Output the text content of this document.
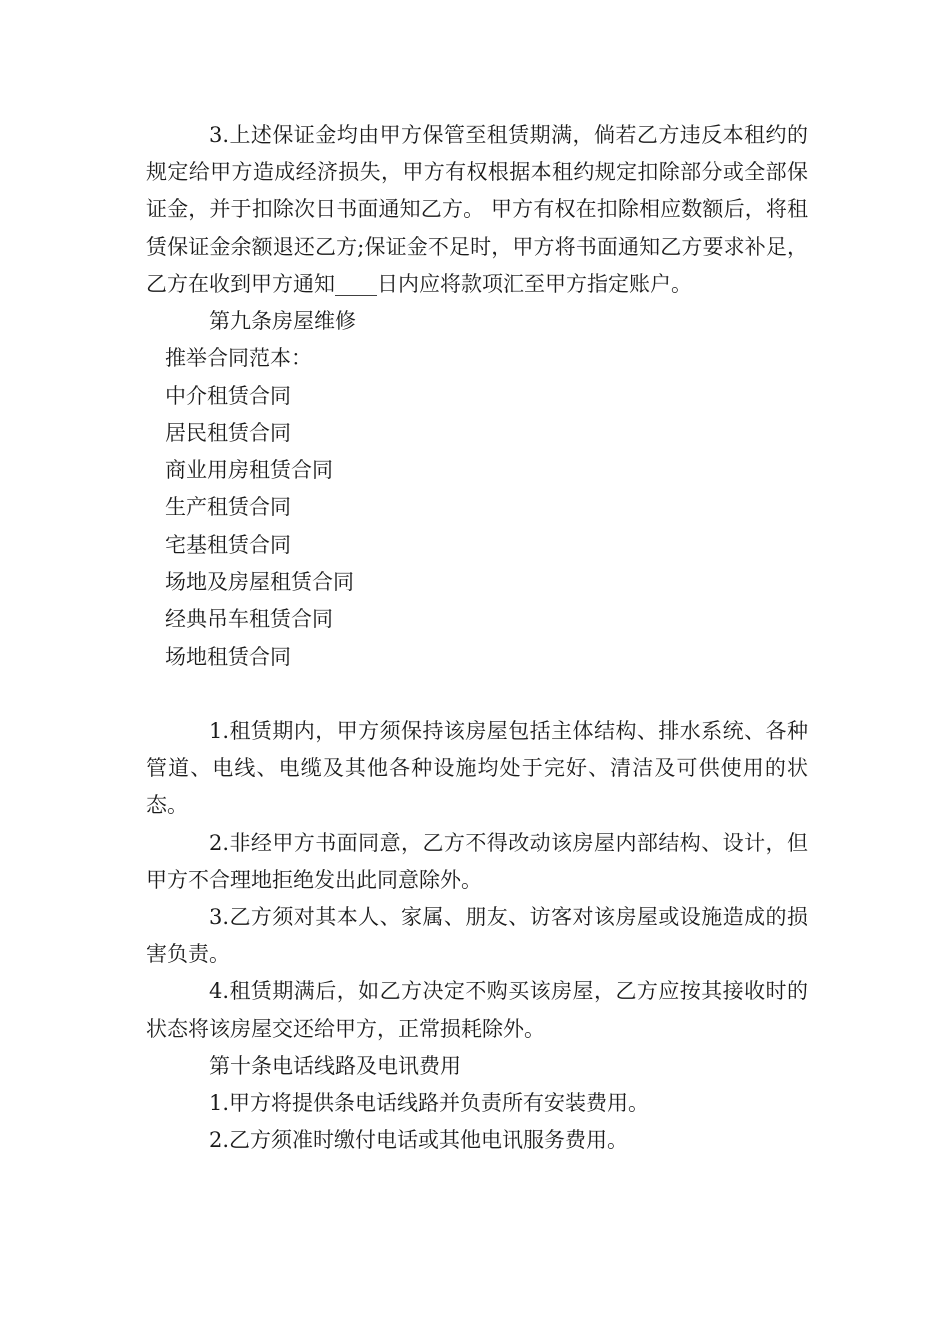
3.上述保证金均由甲方保管至租赁期满，倘若乙方违反本租约的规定给甲方造成经济损失，甲方有权根据本租约规定扣除部分或全部保证金，并于扣除次日书面通知乙方。 甲方有权在扣除相应数额后，将租赁保证金余额退还乙方;保证金不足时，甲方将书面通知乙方要求补足，乙方在收到甲方通知____日内应将款项汇至甲方指定账户。

第九条房屋维修

推举合同范本：

中介租赁合同

居民租赁合同

商业用房租赁合同

生产租赁合同

宅基租赁合同

场地及房屋租赁合同

经典吊车租赁合同

场地租赁合同

1.租赁期内，甲方须保持该房屋包括主体结构、排水系统、各种管道、电线、电缆及其他各种设施均处于完好、清洁及可供使用的状态。

2.非经甲方书面同意，乙方不得改动该房屋内部结构、设计，但甲方不合理地拒绝发出此同意除外。

3.乙方须对其本人、家属、朋友、访客对该房屋或设施造成的损害负责。

4.租赁期满后，如乙方决定不购买该房屋，乙方应按其接收时的状态将该房屋交还给甲方，正常损耗除外。

第十条电话线路及电讯费用

1.甲方将提供条电话线路并负责所有安装费用。

2.乙方须准时缴付电话或其他电讯服务费用。
